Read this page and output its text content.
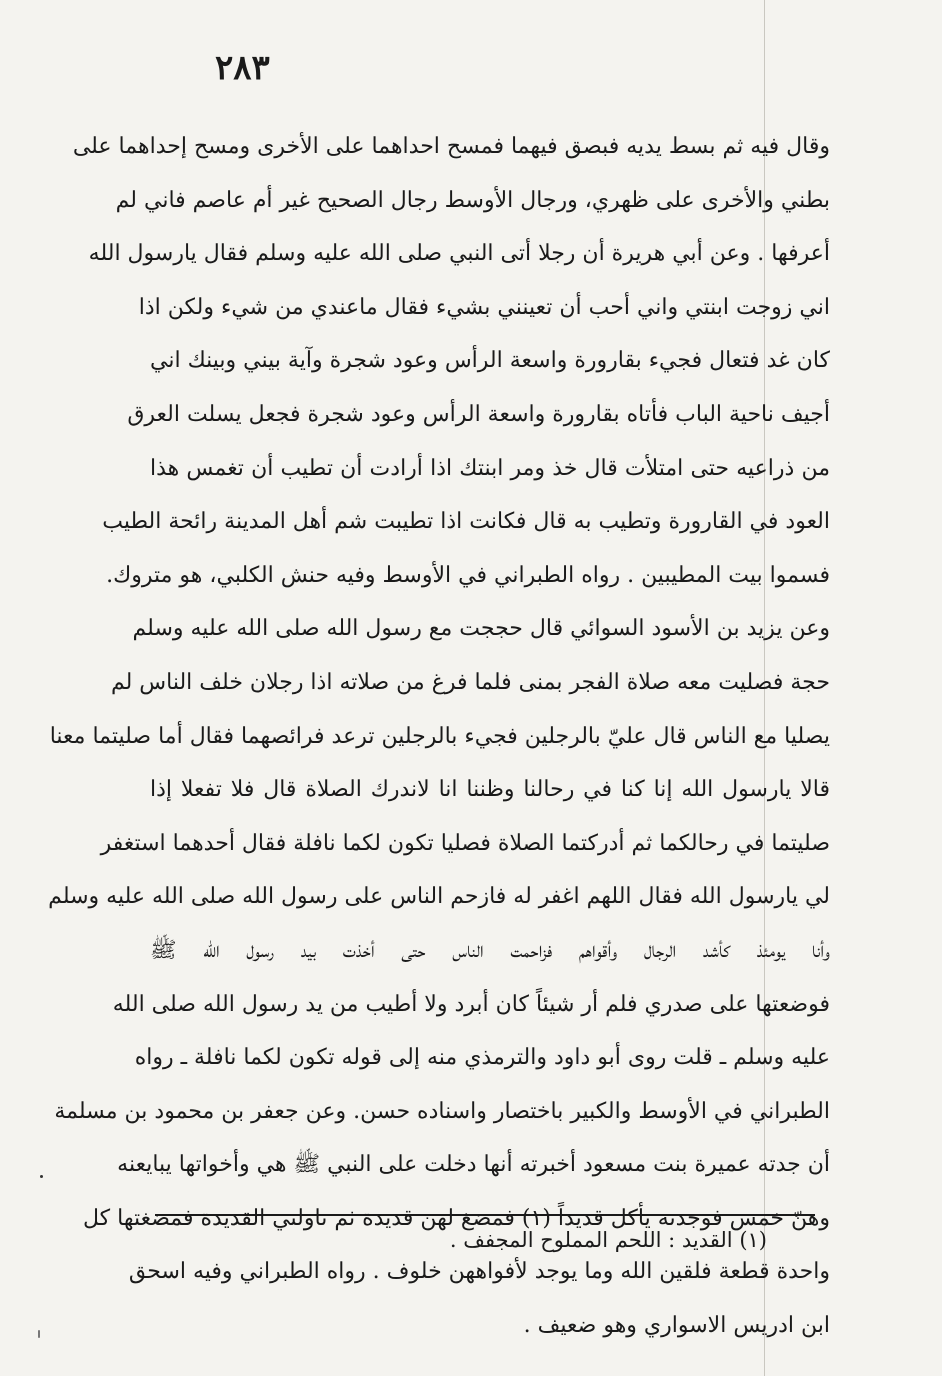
٢٨٣
وقال فيه ثم بسط يديه فبصق فيهما فمسح احداهما على الأخرى ومسح إحداهما على
بطني والأخرى على ظهري، ورجال الأوسط رجال الصحيح غير أم عاصم فاني لم
أعرفها . وعن أبي هريرة أن رجلا أتى النبي صلى الله عليه وسلم فقال يارسول الله
اني زوجت ابنتي واني أحب أن تعينني بشيء فقال ماعندي من شيء ولكن اذا
كان غد فتعال فجيء بقارورة واسعة الرأس وعود شجرة وآية بيني وبينك اني
أجيف ناحية الباب فأتاه بقارورة واسعة الرأس وعود شجرة فجعل يسلت العرق
من ذراعيه حتى امتلأت قال خذ ومر ابنتك اذا أرادت أن تطيب أن تغمس هذا
العود في القارورة وتطيب به قال فكانت اذا تطيبت شم أهل المدينة رائحة الطيب
فسموا بيت المطيبين . رواه الطبراني في الأوسط وفيه حنش الكلبي، هو متروك.
وعن يزيد بن الأسود السوائي قال حججت مع رسول الله صلى الله عليه وسلم
حجة فصليت معه صلاة الفجر بمنى فلما فرغ من صلاته اذا رجلان خلف الناس لم
يصليا مع الناس قال عليّ بالرجلين فجيء بالرجلين ترعد فرائصهما فقال أما صليتما معنا
قالا يارسول الله إنا كنا في رحالنا وظننا انا لاندرك الصلاة قال فلا تفعلا إذا
صليتما في رحالكما ثم أدركتما الصلاة فصليا تكون لكما نافلة فقال أحدهما استغفر
لي يارسول الله فقال اللهم اغفر له فازحم الناس على رسول الله صلى الله عليه وسلم
وأنا يومئذ كأشد الرجال وأقواهم فزاحمت الناس حتى أخذت بيد رسول الله ﷺ
فوضعتها على صدري فلم أر شيئاً كان أبرد ولا أطيب من يد رسول الله صلى الله
عليه وسلم ـ قلت روى أبو داود والترمذي منه إلى قوله تكون لكما نافلة ـ رواه
الطبراني في الأوسط والكبير باختصار واسناده حسن. وعن جعفر بن محمود بن مسلمة
أن جدته عميرة بنت مسعود أخبرته أنها دخلت على النبي ﷺ هي وأخواتها يبايعنه
وهنّ خمس فوجدنه يأكل قديداً (١) فمضغ لهن قديدة ثم ناولني القديدة فمضغتها كل
واحدة قطعة فلقين الله وما يوجد لأفواههن خلوف . رواه الطبراني وفيه اسحق
ابن ادريس الاسواري وهو ضعيف .
(١) القديد : اللحم المملوح المجفف .
